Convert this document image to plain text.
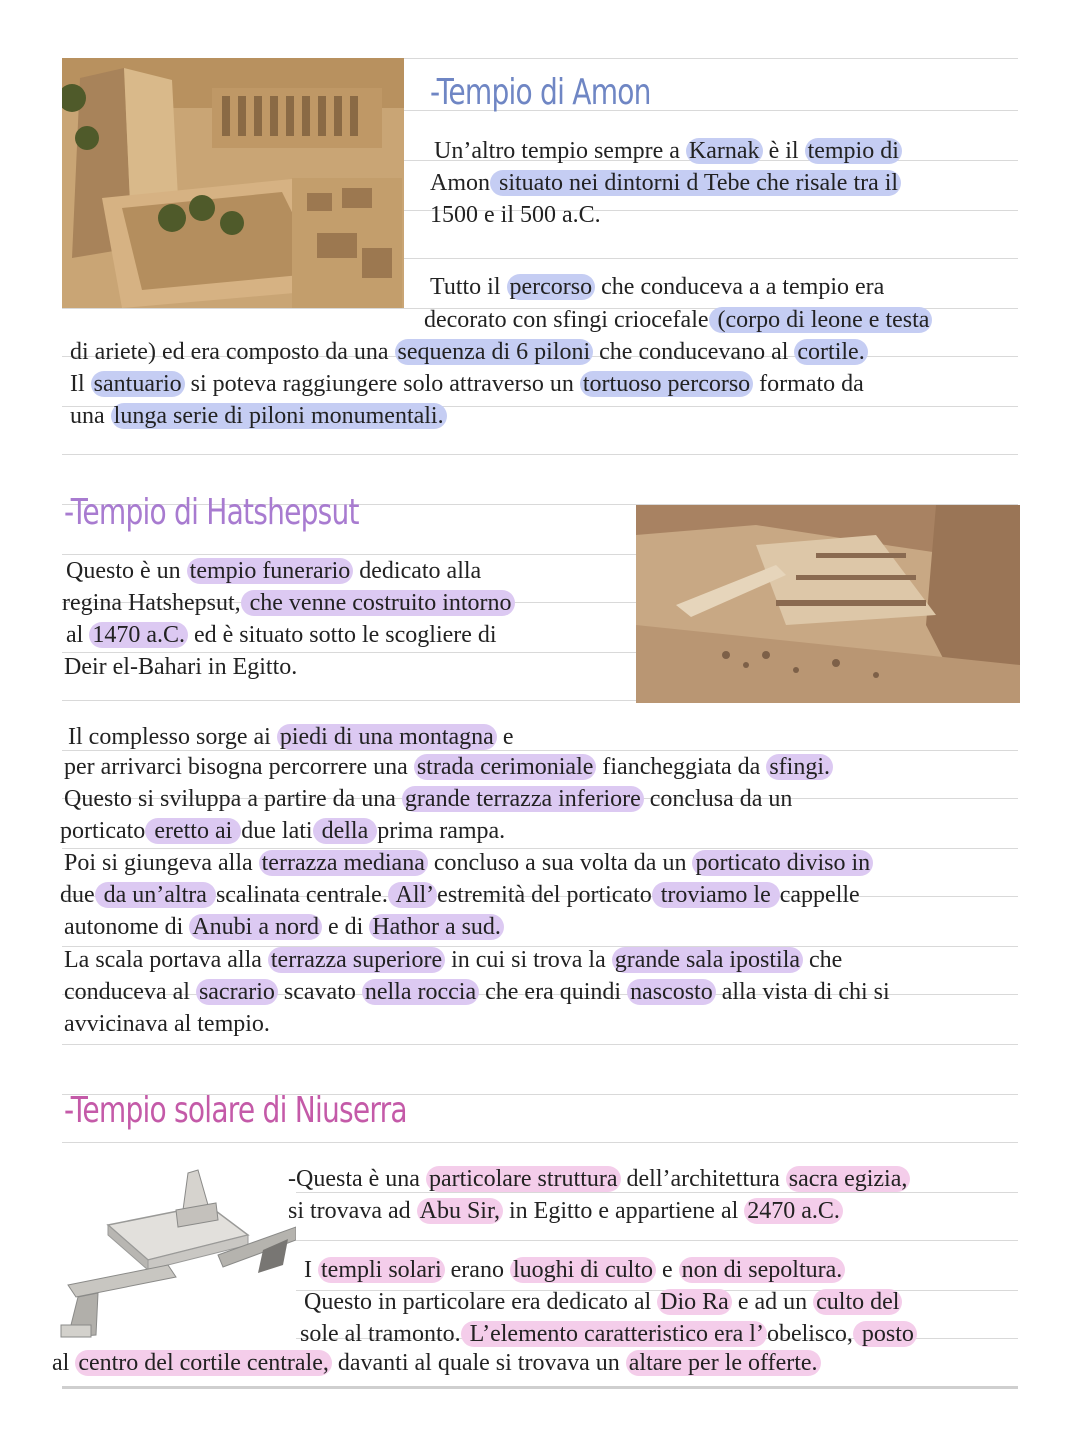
-Tempio di Amon

Un’altro tempio sempre a Karnak è il tempio di

Amon situato nei dintorni d Tebe che risale tra il

1500 e il 500 a.C.

Tutto il percorso che conduceva a a tempio era

decorato con sfingi criocefale (corpo di leone e testa

di ariete) ed era composto da una sequenza di 6 piloni che conducevano al cortile.

Il santuario si poteva raggiungere solo attraverso un tortuoso percorso formato da

una lunga serie di piloni monumentali.

-Tempio di Hatshepsut

Questo è un tempio funerario dedicato alla

regina Hatshepsut, che venne costruito intorno

al 1470 a.C. ed è situato sotto le scogliere di

Deir el-Bahari in Egitto.

Il complesso sorge ai piedi di una montagna e

per arrivarci bisogna percorrere una strada cerimoniale fiancheggiata da sfingi.

Questo si sviluppa a partire da una grande terrazza inferiore conclusa da un

porticato eretto ai due lati della prima rampa.

Poi si giungeva alla terrazza mediana concluso a sua volta da un porticato diviso in

due da un’altra scalinata centrale. All’ estremità del porticato troviamo le cappelle

autonome di Anubi a nord e di Hathor a sud.

La scala portava alla terrazza superiore in cui si trova la grande sala ipostila che

conduceva al sacrario scavato nella roccia che era quindi nascosto alla vista di chi si

avvicinava al tempio.

-Tempio solare di Niuserra

-Questa è una particolare struttura dell’architettura sacra egizia,

si trovava ad Abu Sir, in Egitto e appartiene al 2470 a.C.

I templi solari erano luoghi di culto e non di sepoltura.

Questo in particolare era dedicato al Dio Ra e ad un culto del

sole al tramonto. L’elemento caratteristico era l’ obelisco, posto

al centro del cortile centrale, davanti al quale si trovava un altare per le offerte.
